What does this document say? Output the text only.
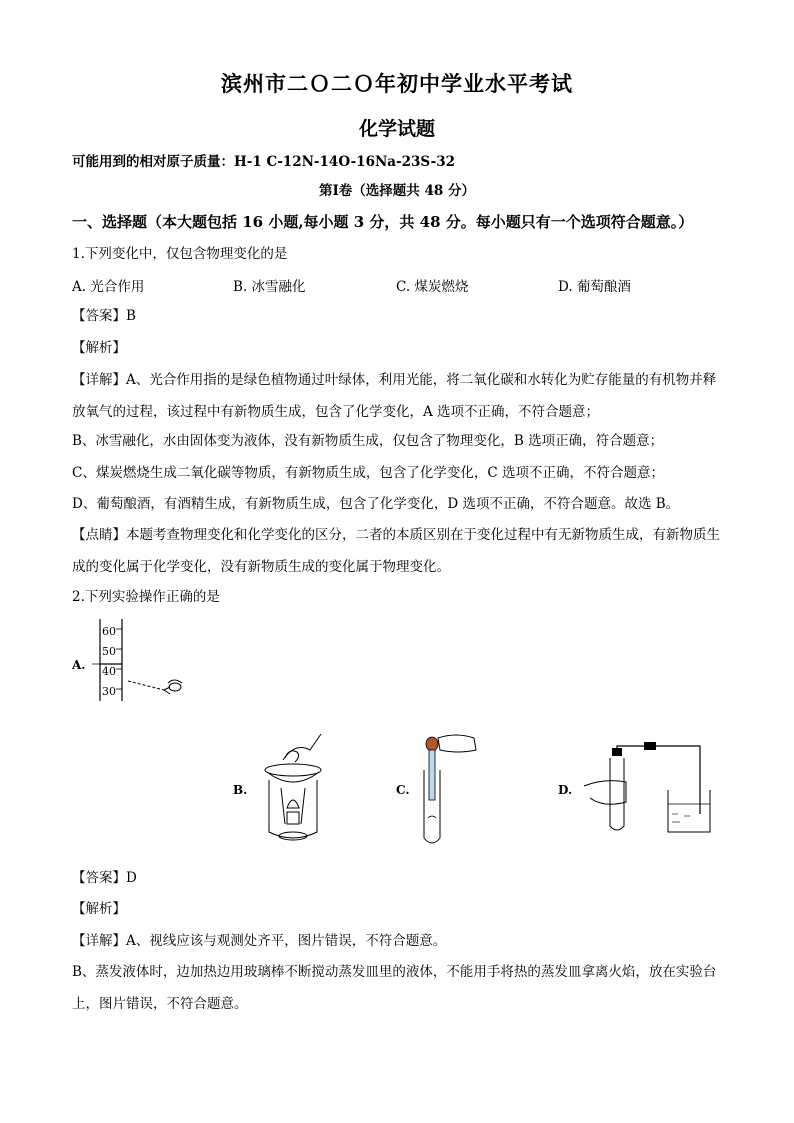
滨州市二Ｏ二Ｏ年初中学业水平考试
化学试题
可能用到的相对原子质量：H-1 C-12N-14O-16Na-23S-32
第Ⅰ卷（选择题共 48 分）
一、选择题（本大题包括 16 小题,每小题 3 分，共 48 分。每小题只有一个选项符合题意。）
1.下列变化中，仅包含物理变化的是
A. 光合作用	B. 冰雪融化	C. 煤炭燃烧	D. 葡萄酿酒
【答案】B
【解析】
【详解】A、光合作用指的是绿色植物通过叶绿体，利用光能，将二氧化碳和水转化为贮存能量的有机物并释放氧气的过程，该过程中有新物质生成，包含了化学变化，A 选项不正确，不符合题意；
B、冰雪融化，水由固体变为液体，没有新物质生成，仅包含了物理变化，B 选项正确，符合题意；
C、煤炭燃烧生成二氧化碳等物质，有新物质生成，包含了化学变化，C 选项不正确，不符合题意；
D、葡萄酿酒，有酒精生成，有新物质生成，包含了化学变化，D 选项不正确，不符合题意。故选 B。
【点睛】本题考查物理变化和化学变化的区分，二者的本质区别在于变化过程中有无新物质生成，有新物质生成的变化属于化学变化，没有新物质生成的变化属于物理变化。
2.下列实验操作正确的是
A.
60
50
40
30
B.	C.	D.
【答案】D
【解析】
【详解】A、视线应该与观测处齐平，图片错误，不符合题意。
B、蒸发液体时，边加热边用玻璃棒不断搅动蒸发皿里的液体，不能用手将热的蒸发皿拿离火焰，放在实验台上，图片错误，不符合题意。
